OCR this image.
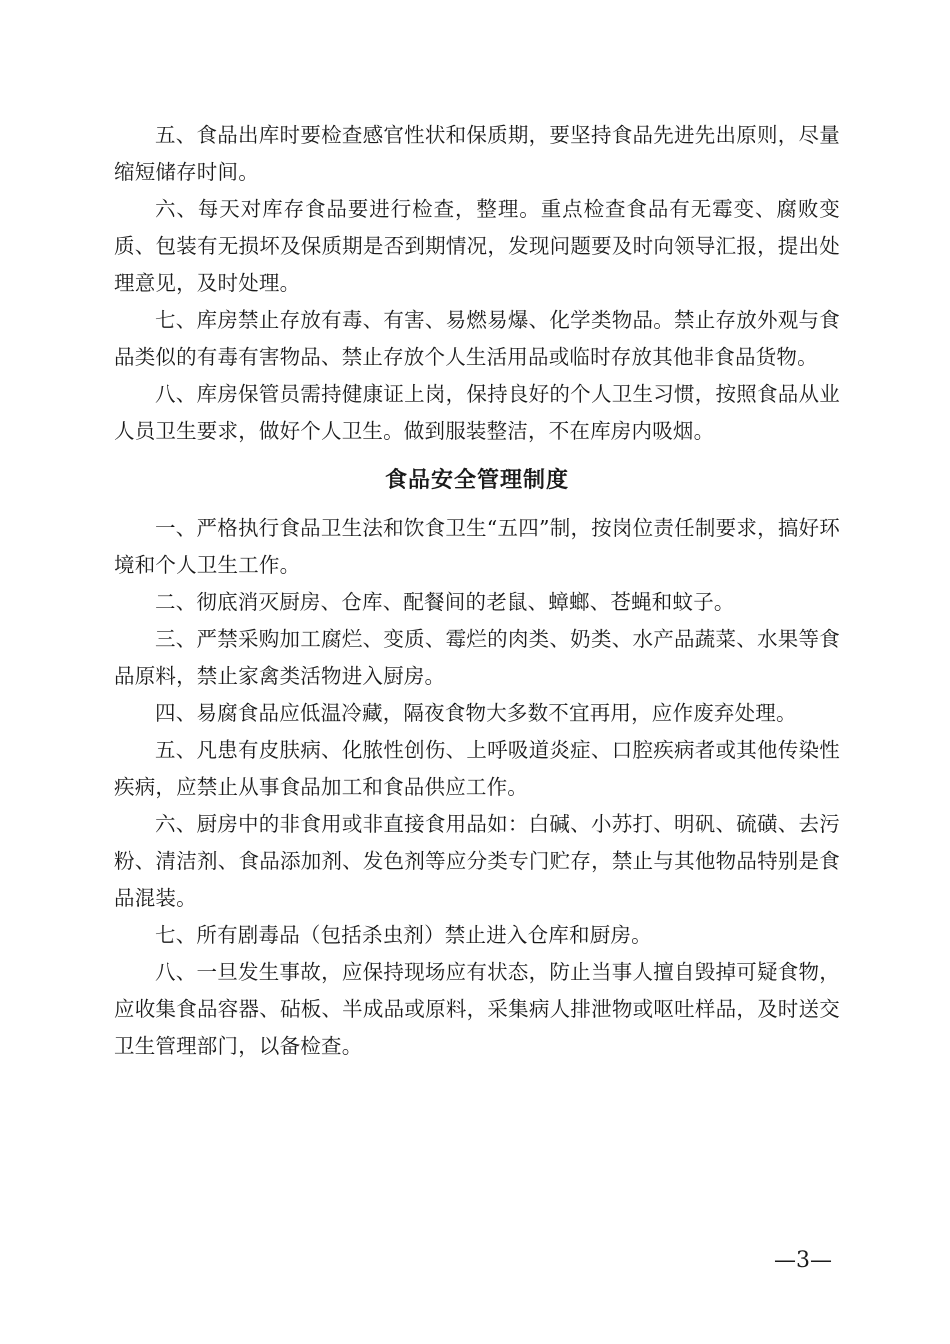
五、食品出库时要检查感官性状和保质期，要坚持食品先进先出原则，尽量缩短储存时间。

六、每天对库存食品要进行检查，整理。重点检查食品有无霉变、腐败变质、包装有无损坏及保质期是否到期情况，发现问题要及时向领导汇报，提出处理意见，及时处理。

七、库房禁止存放有毒、有害、易燃易爆、化学类物品。禁止存放外观与食品类似的有毒有害物品、禁止存放个人生活用品或临时存放其他非食品货物。

八、库房保管员需持健康证上岗，保持良好的个人卫生习惯，按照食品从业人员卫生要求，做好个人卫生。做到服装整洁，不在库房内吸烟。

食品安全管理制度

一、严格执行食品卫生法和饮食卫生“五四”制，按岗位责任制要求，搞好环境和个人卫生工作。

二、彻底消灭厨房、仓库、配餐间的老鼠、蟑螂、苍蝇和蚊子。

三、严禁采购加工腐烂、变质、霉烂的肉类、奶类、水产品蔬菜、水果等食品原料，禁止家禽类活物进入厨房。

四、易腐食品应低温冷藏，隔夜食物大多数不宜再用，应作废弃处理。

五、凡患有皮肤病、化脓性创伤、上呼吸道炎症、口腔疾病者或其他传染性疾病，应禁止从事食品加工和食品供应工作。

六、厨房中的非食用或非直接食用品如：白碱、小苏打、明矾、硫磺、去污粉、清洁剂、食品添加剂、发色剂等应分类专门贮存，禁止与其他物品特别是食品混装。

七、所有剧毒品（包括杀虫剂）禁止进入仓库和厨房。

八、一旦发生事故，应保持现场应有状态，防止当事人擅自毁掉可疑食物，应收集食品容器、砧板、半成品或原料，采集病人排泄物或呕吐样品，及时送交卫生管理部门，以备检查。

—3—
